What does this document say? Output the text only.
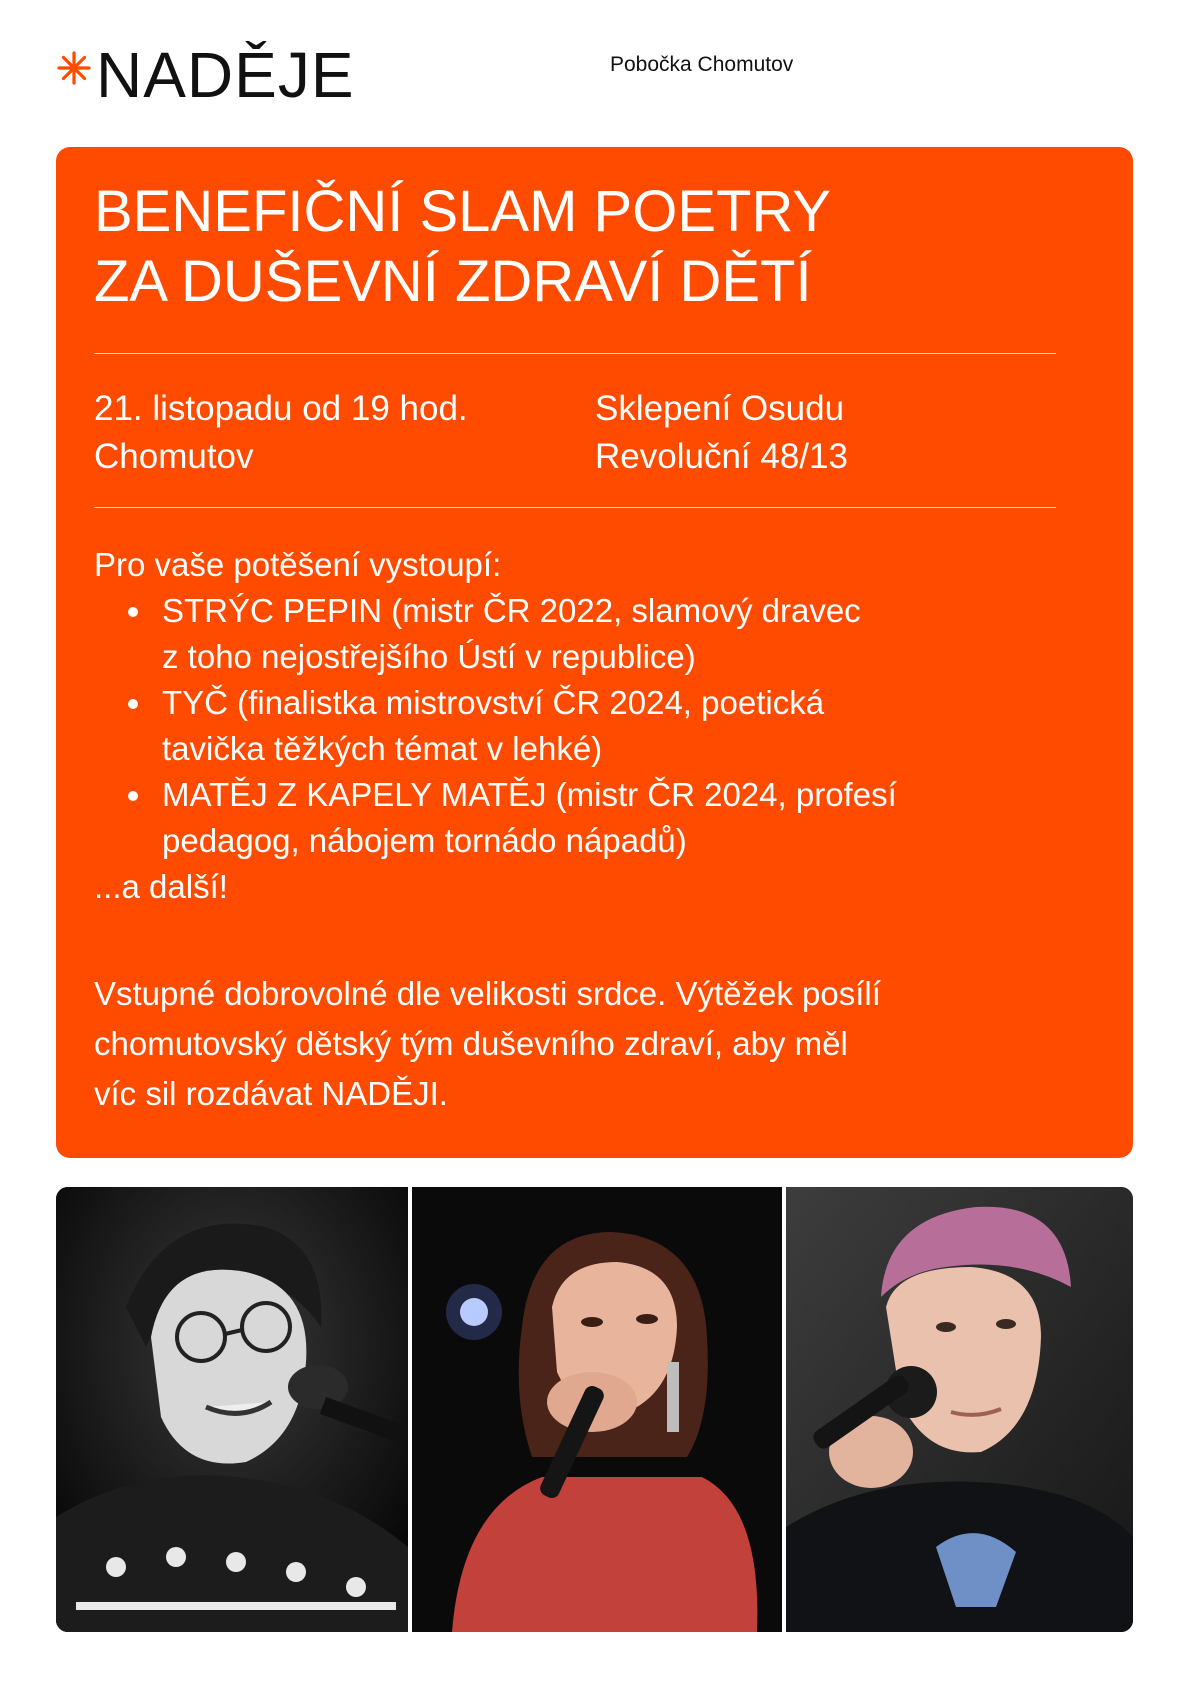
NADĚJE	Pobočka Chomutov
BENEFIČNÍ SLAM POETRY
ZA DUŠEVNÍ ZDRAVÍ DĚTÍ
21. listopadu od 19 hod.
Chomutov
Sklepení Osudu
Revoluční 48/13
Pro vaše potěšení vystoupí:
STRÝC PEPIN (mistr ČR 2022, slamový dravec
z toho nejostřejšího Ústí v republice)
TYČ (finalistka mistrovství ČR 2024, poetická
tavička těžkých témat v lehké)
MATĚJ Z KAPELY MATĚJ (mistr ČR 2024, profesí
pedagog, nábojem tornádo nápadů)
...a další!
Vstupné dobrovolné dle velikosti srdce. Výtěžek posílí
chomutovský dětský tým duševního zdraví, aby měl
víc sil rozdávat NADĚJI.
